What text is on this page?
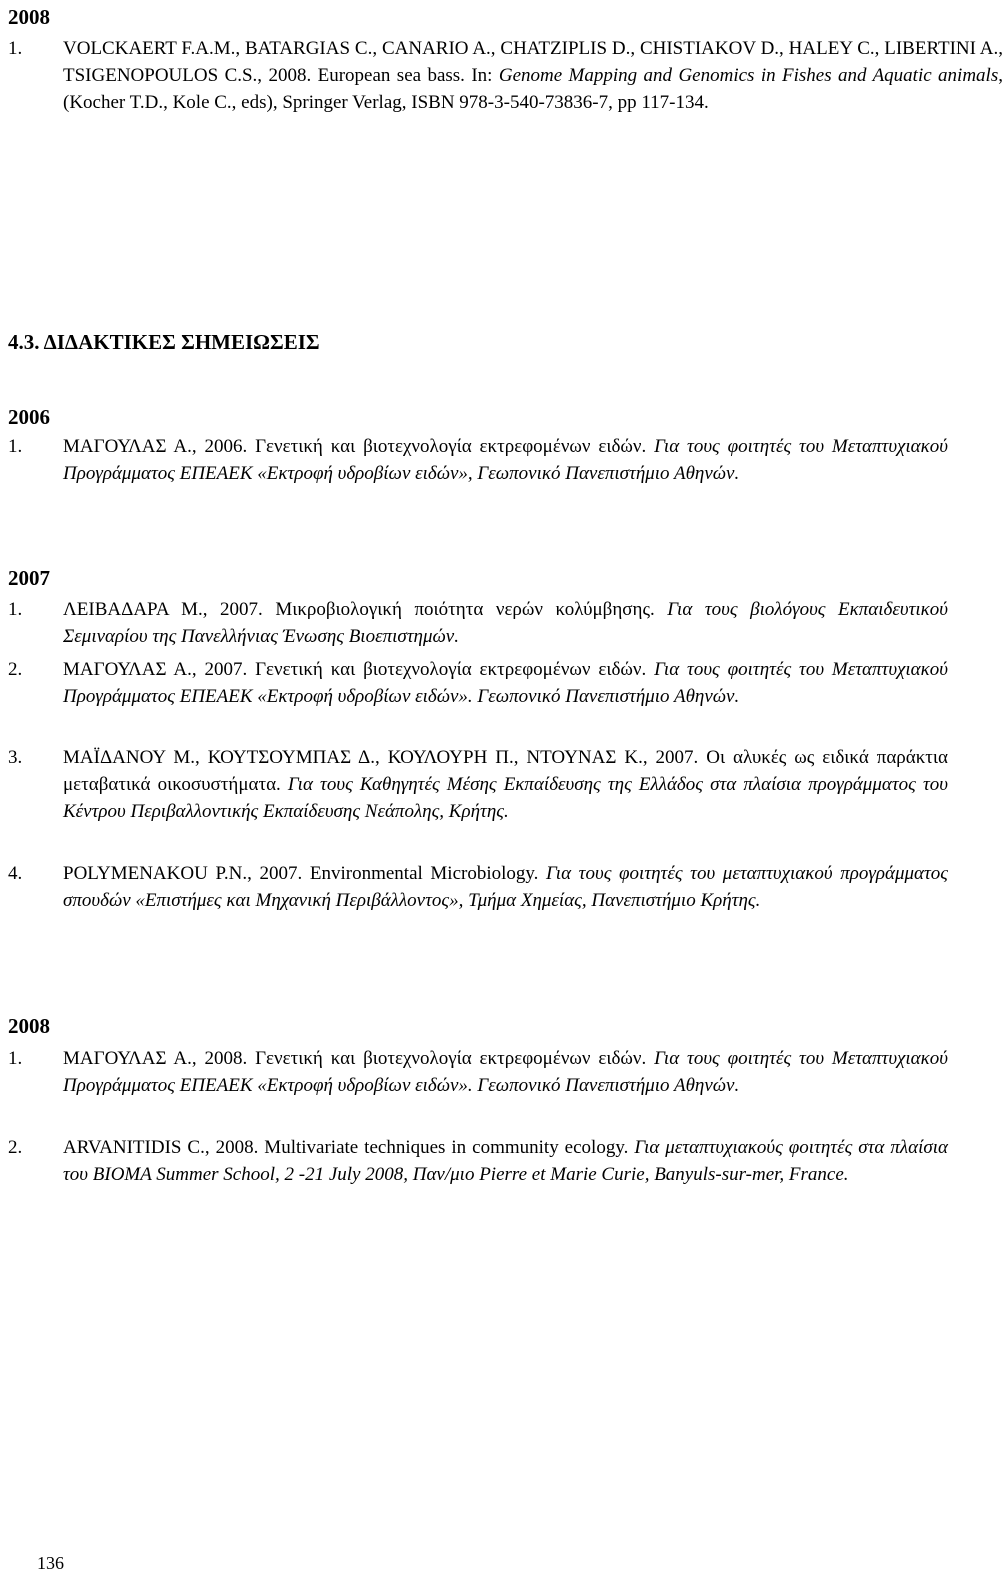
2008
1. VOLCKAERT F.A.M., BATARGIAS C., CANARIO A., CHATZIPLIS D., CHISTIAKOV D., HALEY C., LIBERTINI A., TSIGENOPOULOS C.S., 2008. European sea bass. In: Genome Mapping and Genomics in Fishes and Aquatic animals, (Kocher T.D., Kole C., eds), Springer Verlag, ISBN 978-3-540-73836-7, pp 117-134.
4.3. ΔΙΔΑΚΤΙΚΕΣ ΣΗΜΕΙΩΣΕΙΣ
2006
1. ΜΑΓΟΥΛΑΣ Α., 2006. Γενετική και βιοτεχνολογία εκτρεφομένων ειδών. Για τους φοιτητές του Μεταπτυχιακού Προγράμματος ΕΠΕΑΕΚ «Εκτροφή υδροβίων ειδών», Γεωπονικό Πανεπιστήμιο Αθηνών.
2007
1. ΛΕΙΒΑΔΑΡΑ Μ., 2007. Μικροβιολογική ποιότητα νερών κολύμβησης. Για τους βιολόγους Εκπαιδευτικού Σεμιναρίου της Πανελλήνιας Ένωσης Βιοεπιστημών.
2. ΜΑΓΟΥΛΑΣ Α., 2007. Γενετική και βιοτεχνολογία εκτρεφομένων ειδών. Για τους φοιτητές του Μεταπτυχιακού Προγράμματος ΕΠΕΑΕΚ «Εκτροφή υδροβίων ειδών». Γεωπονικό Πανεπιστήμιο Αθηνών.
3. ΜΑΪΔΑΝΟΥ Μ., ΚΟΥΤΣΟΥΜΠΑΣ Δ., ΚΟΥΛΟΥΡΗ Π., ΝΤΟΥΝΑΣ Κ., 2007. Οι αλυκές ως ειδικά παράκτια μεταβατικά οικοσυστήματα. Για τους Καθηγητές Μέσης Εκπαίδευσης της Ελλάδος στα πλαίσια προγράμματος του Κέντρου Περιβαλλοντικής Εκπαίδευσης Νεάπολης, Κρήτης.
4. POLYMENAKOU P.N., 2007. Environmental Microbiology. Για τους φοιτητές του μεταπτυχιακού προγράμματος σπουδών «Επιστήμες και Μηχανική Περιβάλλοντος», Τμήμα Χημείας, Πανεπιστήμιο Κρήτης.
2008
1. ΜΑΓΟΥΛΑΣ Α., 2008. Γενετική και βιοτεχνολογία εκτρεφομένων ειδών. Για τους φοιτητές του Μεταπτυχιακού Προγράμματος ΕΠΕΑΕΚ «Εκτροφή υδροβίων ειδών». Γεωπονικό Πανεπιστήμιο Αθηνών.
2. ARVANITIDIS C., 2008. Multivariate techniques in community ecology. Για μεταπτυχιακούς φοιτητές στα πλαίσια του BIOMA Summer School, 2 -21 July 2008, Παν/μιο Pierre et Marie Curie, Banyuls-sur-mer, France.
136
